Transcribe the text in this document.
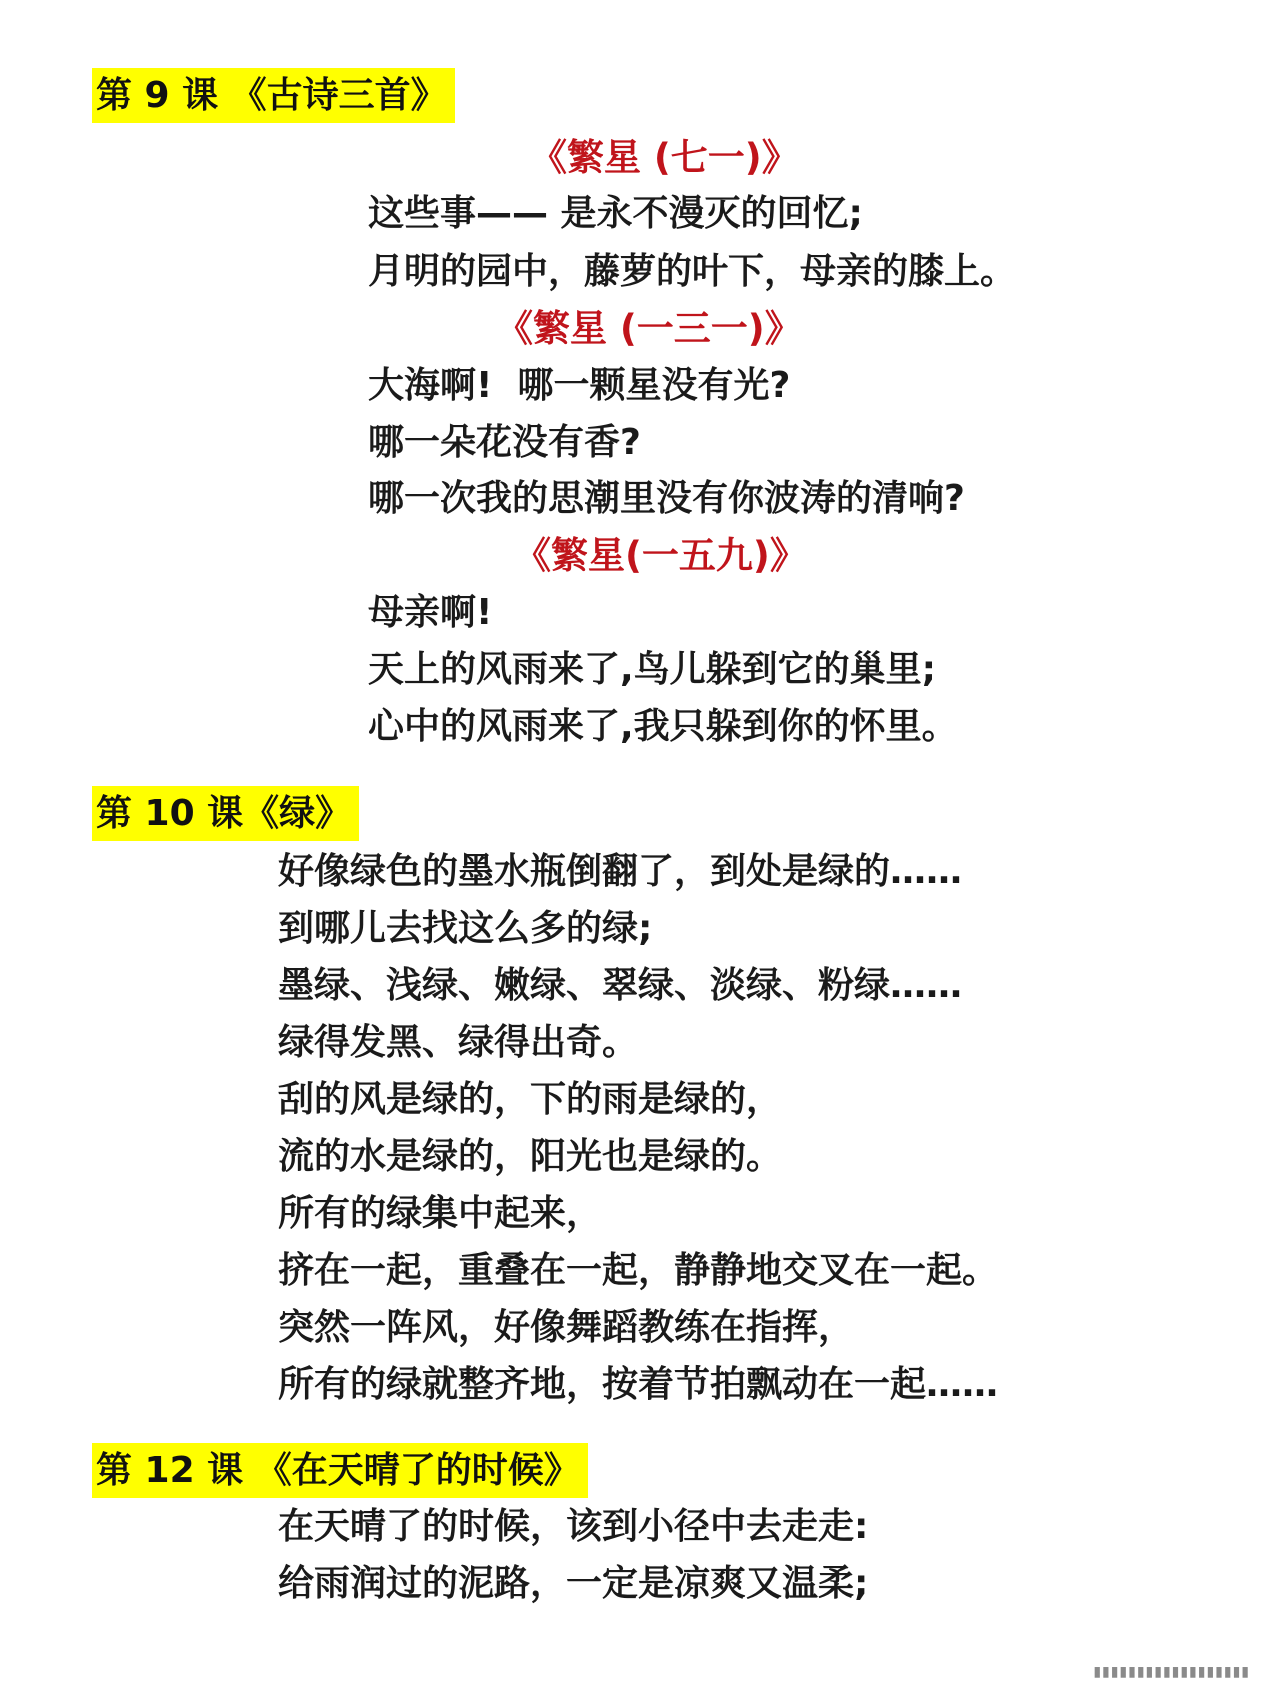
第 9 课 《古诗三首》
《繁星 (七一)》
这些事—— 是永不漫灭的回忆;
月明的园中，藤萝的叶下，母亲的膝上。
《繁星 (一三一)》
大海啊!  哪一颗星没有光?
哪一朵花没有香?
哪一次我的思潮里没有你波涛的清响?
《繁星(一五九)》
母亲啊!
天上的风雨来了,鸟儿躲到它的巢里;
心中的风雨来了,我只躲到你的怀里。
第 10 课《绿》
好像绿色的墨水瓶倒翻了，到处是绿的……
到哪儿去找这么多的绿;
墨绿、浅绿、嫩绿、翠绿、淡绿、粉绿……
绿得发黑、绿得出奇。
刮的风是绿的，下的雨是绿的，
流的水是绿的，阳光也是绿的。
所有的绿集中起来，
挤在一起，重叠在一起，静静地交叉在一起。
突然一阵风，好像舞蹈教练在指挥，
所有的绿就整齐地，按着节拍飘动在一起……
第 12 课 《在天晴了的时候》
在天晴了的时候，该到小径中去走走:
给雨润过的泥路，一定是凉爽又温柔;
▮▮▮▮▮▮▮▮▮▮▮▮▮▮▮▮▮▮
